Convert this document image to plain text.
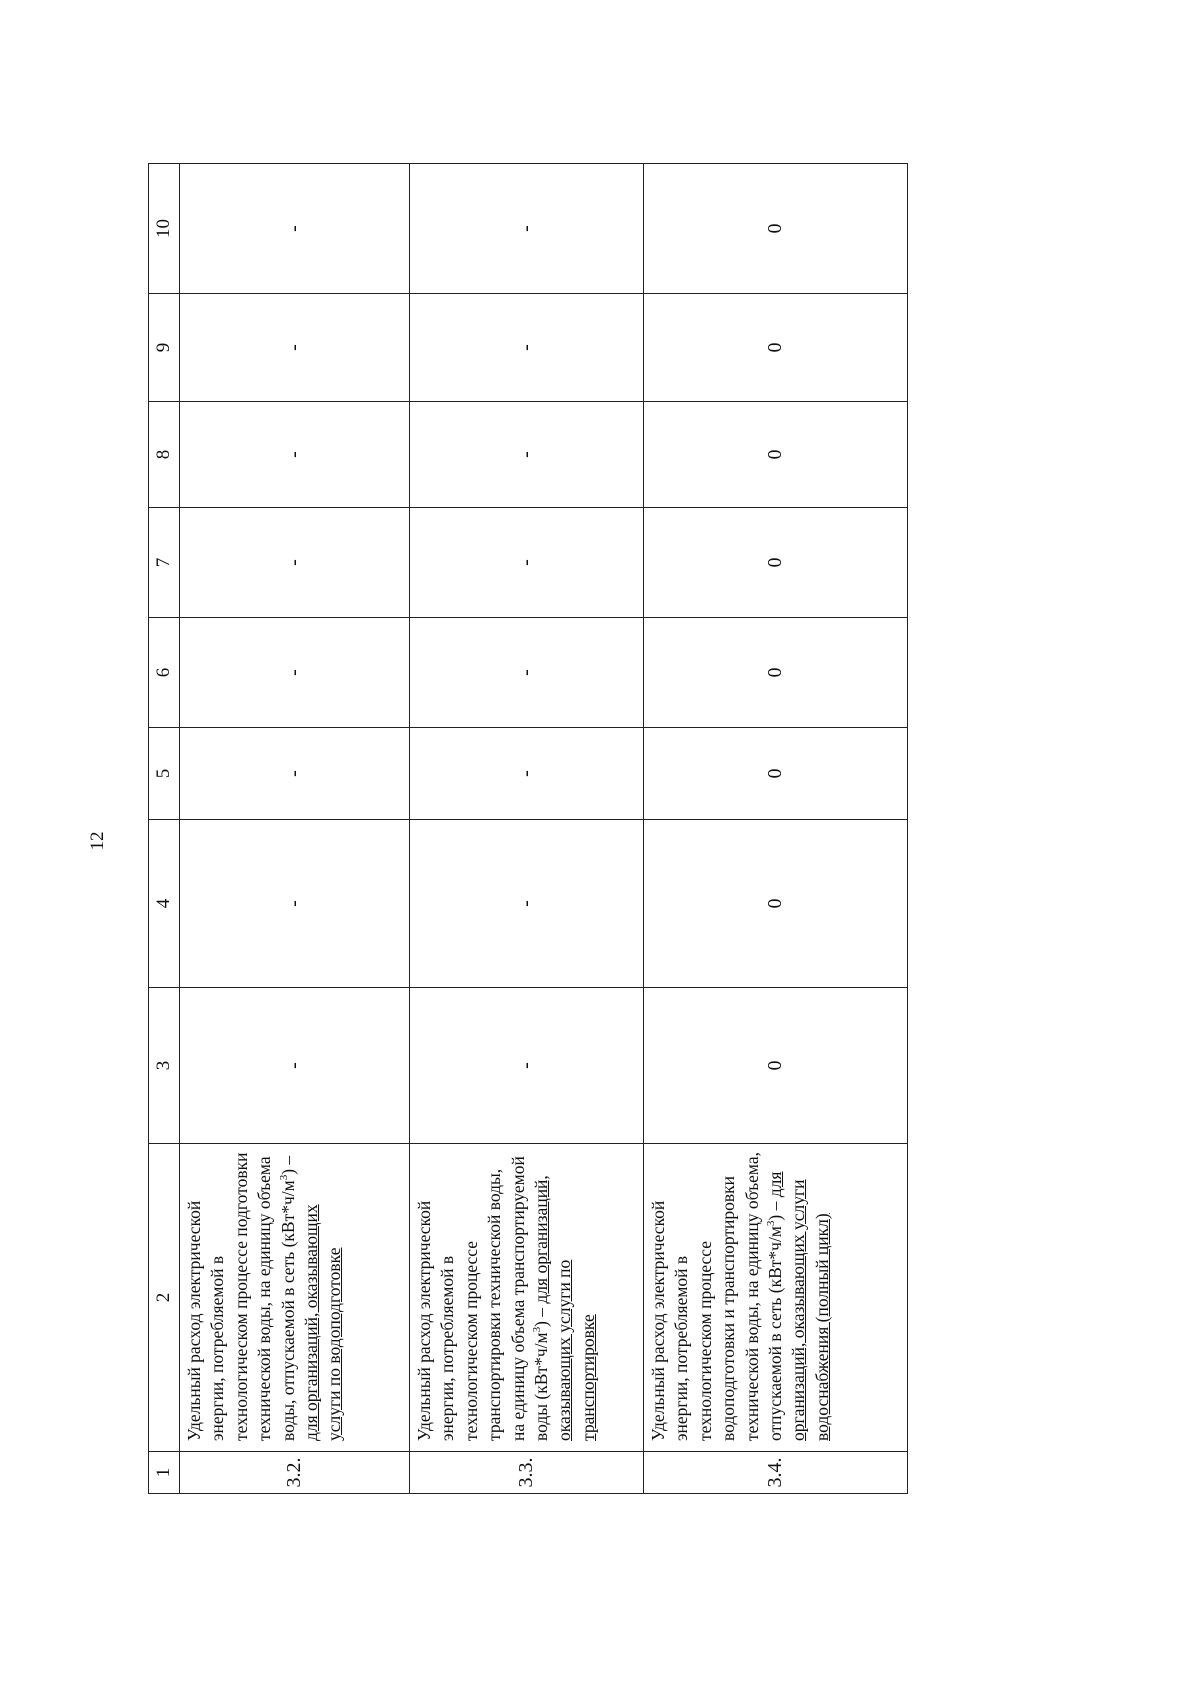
12
1	2	3	4	5	6	7	8	9	10
3.2.	Удельный расход электрической энергии, потребляемой в технологическом процессе подготовки технической воды, на единицу объема воды, отпускаемой в сеть $(кВт*ч/м^3)$ – для организаций, оказывающих услуги по водоподготовке	-	-	-	-	-	-	-	-
3.3.	Удельный расход электрической энергии, потребляемой в технологическом процессе транспортировки технической воды, на единицу объема транспортируемой воды $(кВт*ч/м^3)$ – для организаций, оказывающих услуги по транспортировке	-	-	-	-	-	-	-	-
3.4.	Удельный расход электрической энергии, потребляемой в технологическом процессе водоподготовки и транспортировки технической воды, на единицу объема, отпускаемой в сеть $(кВт*ч/м^3)$ – для организаций, оказывающих услуги водоснабжения (полный цикл)	0	0	0	0	0	0	0	0
